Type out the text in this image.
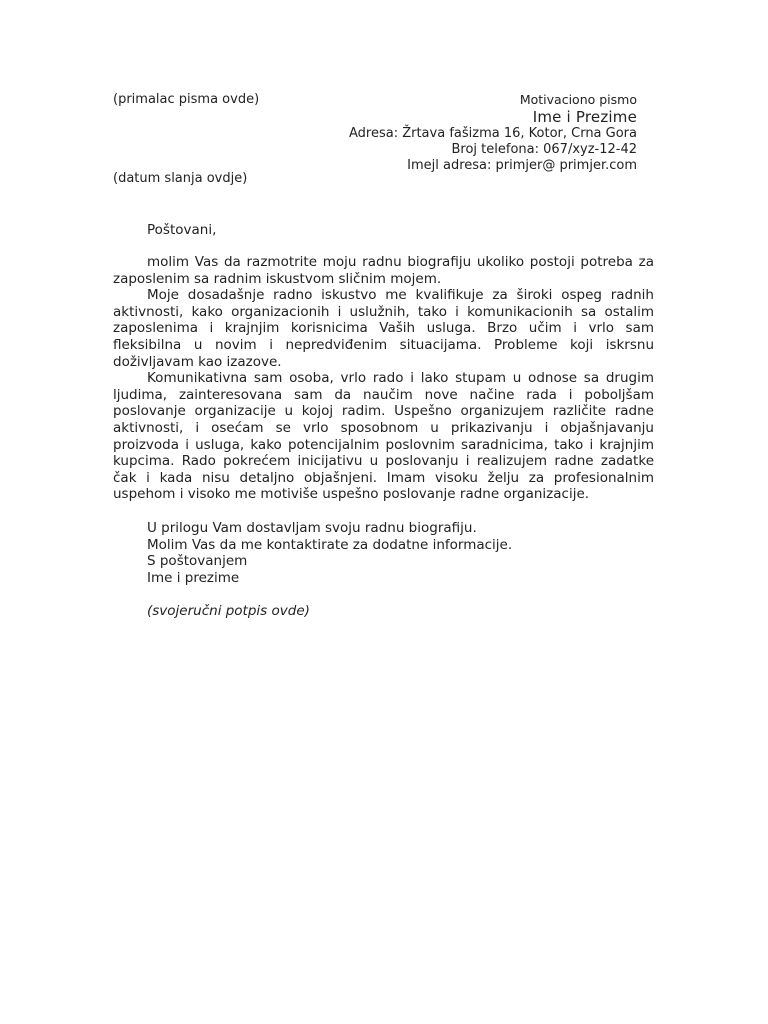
(primalac pisma ovde)	Motivaciono pismo
Ime i Prezime
Adresa: Žrtava fašizma 16, Kotor, Crna Gora
Broj telefona: 067/xyz-12-42
Imejl adresa: primjer@ primjer.com
(datum slanja ovdje)
Poštovani,

molim Vas da razmotrite moju radnu biografiju ukoliko postoji potreba za zaposlenim sa radnim iskustvom sličnim mojem.

Moje dosadašnje radno iskustvo me kvalifikuje za široki ospeg radnih aktivnosti, kako organizacionih i uslužnih, tako i komunikacionih sa ostalim zaposlenima i krajnjim korisnicima Vaših usluga. Brzo učim i vrlo sam fleksibilna u novim i nepredviđenim situacijama. Probleme koji iskrsnu doživljavam kao izazove.

Komunikativna sam osoba, vrlo rado i lako stupam u odnose sa drugim ljudima, zainteresovana sam da naučim nove načine rada i poboljšam poslovanje organizacije u kojoj radim. Uspešno organizujem različite radne aktivnosti, i osećam se vrlo sposobnom u prikazivanju i objašnjavanju proizvoda i usluga, kako potencijalnim poslovnim saradnicima, tako i krajnjim kupcima. Rado pokrećem inicijativu u poslovanju i realizujem radne zadatke čak i kada nisu detaljno objašnjeni. Imam visoku želju za profesionalnim uspehom i visoko me motiviše uspešno poslovanje radne organizacije.

U prilogu Vam dostavljam svoju radnu biografiju.
Molim Vas da me kontaktirate za dodatne informacije.
S poštovanjem
Ime i prezime
(svojeručni potpis ovde)
